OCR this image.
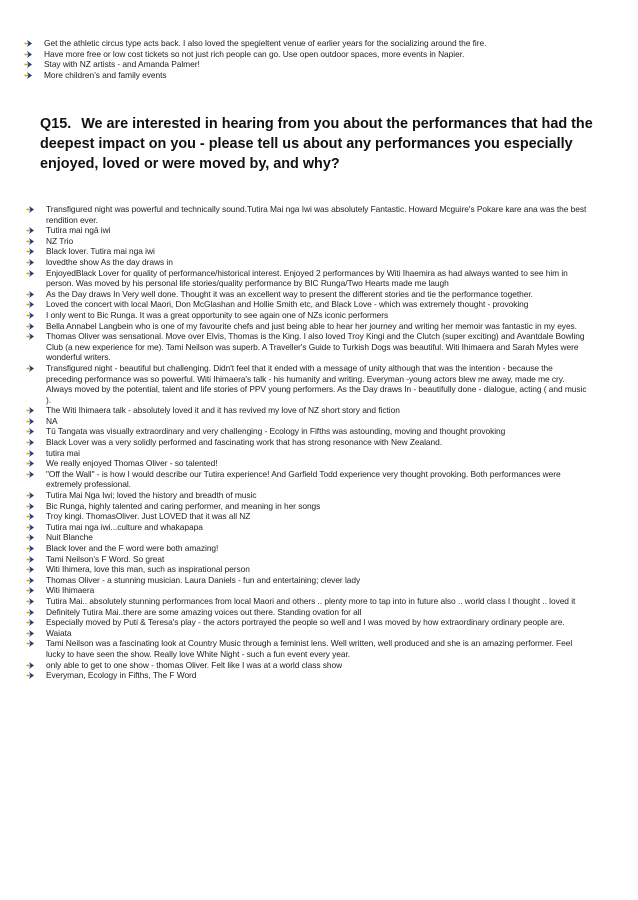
Get the athletic circus type acts back. I also loved the spegieltent venue of earlier years for the socializing around the fire.
Have more free or low cost tickets so not just rich people can go. Use open outdoor spaces, more events in Napier.
Stay with NZ artists - and Amanda Palmer!
More children’s and family events
Q15. We are interested in hearing from you about the performances that had the deepest impact on you - please tell us about any performances you especially enjoyed, loved or were moved by, and why?
Transfigured night was powerful and technically sound.Tutira Mai nga Iwi was absolutely Fantastic. Howard Mcguire's Pokare kare ana was the best rendition ever.
Tutira mai ngā iwi
NZ Trio
Black lover. Tutira mai nga iwi
lovedthe show As the day draws in
EnjoyedBlack Lover for quality of performance/historical interest. Enjoyed 2 performances by Witi Ihaemira as had always wanted to see him in person. Was moved by his personal life stories/quality performance by BIC Runga/Two Hearts made me laugh
As the Day draws In Very well done. Thought it was an excellent way to present the different stories and tie the performance together.
Loved the concert with local Maori, Don McGlashan and Hollie Smith etc, and Black Love - which was extremely thought - provoking
I only went to Bic Runga. It was a great opportunity to see again one of NZs iconic performers
Bella Annabel Langbein who is one of my favourite chefs and just being able to hear her journey and writing her memoir was fantastic in my eyes.
Thomas Oliver was sensational. Move over Elvis, Thomas is the King. I also loved Troy Kingi and the Clutch (super exciting) and Avantdale Bowling Club (a new experience for me). Tami Neilson was superb. A Traveller's Guide to Turkish Dogs was beautiful. Witi Ihimaera and Sarah Myles were wonderful writers.
Transfigured night - beautiful but challenging. Didn't feel that it ended with a message of unity although that was the intention - because the preceding performance was so powerful. Witi Ihimaera's talk - his humanity and writing. Everyman -young actors blew me away, made me cry. Always moved by the potential, talent and life stories of PPV young performers. As the Day draws In - beautifully done - dialogue, acting ( and music ).
The Witi Ihimaera talk - absolutely loved it and it has revived my love of NZ short story and fiction
NA
Tū Tangata was visually extraordinary and very challenging - Ecology in Fifths was astounding, moving and thought provoking
Black Lover was a very solidly performed and fascinating work that has strong resonance with New Zealand.
tutira mai
We really enjoyed Thomas Oliver - so talented!
"Off the Wall" - is how I would describe our Tutira experience! And Garfield Todd experience very thought provoking. Both performances were extremely professional.
Tutira Mai Nga Iwi; loved the history and breadth of music
Bic Runga, highly talented and caring performer, and meaning in her songs
Troy kingi. ThomasOliver. Just LOVED that it was all NZ
Tutira mai nga iwi...culture and whakapapa
Nuit Blanche
Black lover and the F word were both amazing!
Tami Neilson’s F Word. So great
Witi Ihimera, love this man, such as inspirational person
Thomas Oliver - a stunning musician. Laura Daniels - fun and entertaining; clever lady
Witi Ihimaera
Tutira Mai.. absolutely stunning performances from local Maori and others .. plenty more to tap into in future also .. world class I thought .. loved it
Definitely Tutira Mai..there are some amazing voices out there. Standing ovation for all
Especially moved by Puti & Teresa's play - the actors portrayed the people so well and I was moved by how extraordinary ordinary people are.
Waiata
Tami Neilson was a fascinating look at Country Music through a feminist lens. Well written, well produced and she is an amazing performer. Feel lucky to have seen the show. Really love White Night - such a fun event every year.
only able to get to one show - thomas Oliver. Felt like I was at a world class show
Everyman, Ecology in Fifths, The F Word
